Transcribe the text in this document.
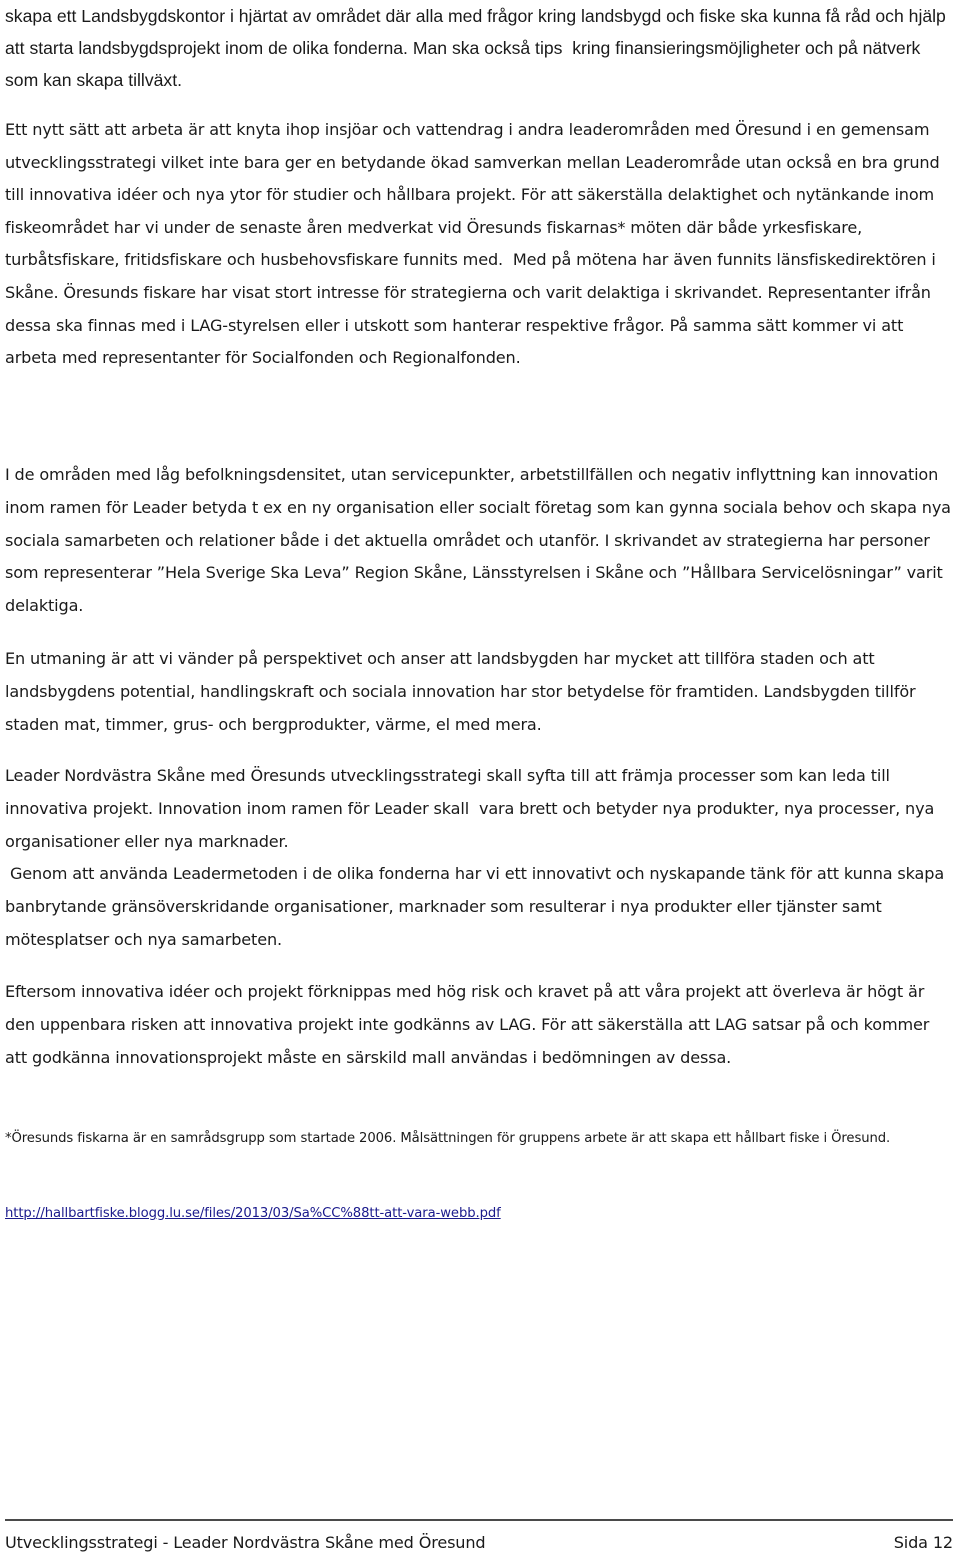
skapa ett Landsbygdskontor i hjärtat av området där alla med frågor kring landsbygd och fiske ska kunna få råd och hjälp att starta landsbygdsprojekt inom de olika fonderna. Man ska också tips  kring finansieringsmöjligheter och på nätverk som kan skapa tillväxt.

Ett nytt sätt att arbeta är att knyta ihop insjöar och vattendrag i andra leaderområden med Öresund i en gemensam utvecklingsstrategi vilket inte bara ger en betydande ökad samverkan mellan Leaderområde utan också en bra grund till innovativa idéer och nya ytor för studier och hållbara projekt. För att säkerställa delaktighet och nytänkande inom fiskeområdet har vi under de senaste åren medverkat vid Öresunds fiskarnas* möten där både yrkesfiskare, turbåtsfiskare, fritidsfiskare och husbehovsfiskare funnits med.  Med på mötena har även funnits länsfiskedirektören i Skåne. Öresunds fiskare har visat stort intresse för strategierna och varit delaktiga i skrivandet. Representanter ifrån dessa ska finnas med i LAG-styrelsen eller i utskott som hanterar respektive frågor. På samma sätt kommer vi att arbeta med representanter för Socialfonden och Regionalfonden.

I de områden med låg befolkningsdensitet, utan servicepunkter, arbetstillfällen och negativ inflyttning kan innovation inom ramen för Leader betyda t ex en ny organisation eller socialt företag som kan gynna sociala behov och skapa nya sociala samarbeten och relationer både i det aktuella området och utanför. I skrivandet av strategierna har personer som representerar ”Hela Sverige Ska Leva” Region Skåne, Länsstyrelsen i Skåne och ”Hållbara Servicelösningar” varit delaktiga.

En utmaning är att vi vänder på perspektivet och anser att landsbygden har mycket att tillföra staden och att landsbygdens potential, handlingskraft och sociala innovation har stor betydelse för framtiden. Landsbygden tillför staden mat, timmer, grus- och bergprodukter, värme, el med mera.

Leader Nordvästra Skåne med Öresunds utvecklingsstrategi skall syfta till att främja processer som kan leda till innovativa projekt. Innovation inom ramen för Leader skall  vara brett och betyder nya produkter, nya processer, nya organisationer eller nya marknader.
Genom att använda Leadermetoden i de olika fonderna har vi ett innovativt och nyskapande tänk för att kunna skapa banbrytande gränsöverskridande organisationer, marknader som resulterar i nya produkter eller tjänster samt mötesplatser och nya samarbeten.

Eftersom innovativa idéer och projekt förknippas med hög risk och kravet på att våra projekt att överleva är högt är den uppenbara risken att innovativa projekt inte godkänns av LAG. För att säkerställa att LAG satsar på och kommer att godkänna innovationsprojekt måste en särskild mall användas i bedömningen av dessa.

*Öresunds fiskarna är en samrådsgrupp som startade 2006. Målsättningen för gruppens arbete är att skapa ett hållbart fiske i Öresund.

http://hallbartfiske.blogg.lu.se/files/2013/03/Sa%CC%88tt-att-vara-webb.pdf

Utvecklingsstrategi - Leader Nordvästra Skåne med Öresund	Sida 12
